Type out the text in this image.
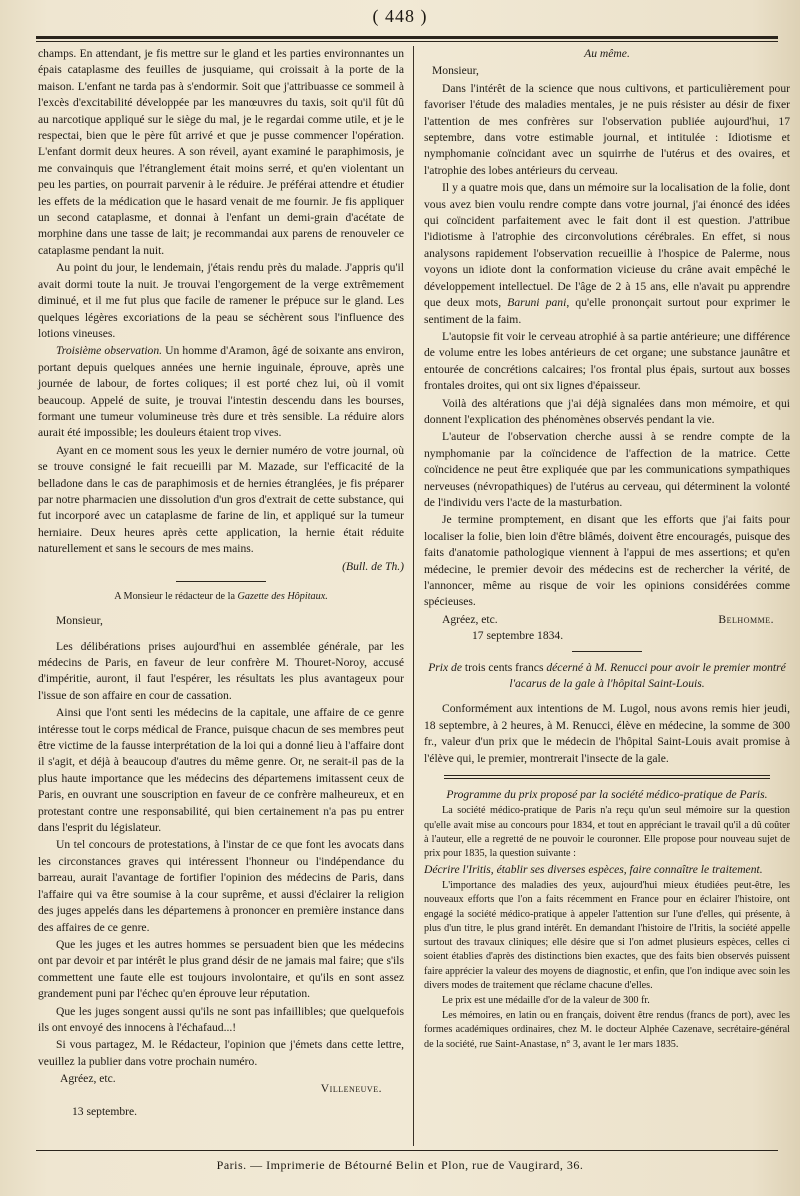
( 448 )

champs. En attendant, je fis mettre sur le gland et les parties environnantes un épais cataplasme des feuilles de jusquiame, qui croissait à la porte de la maison. L'enfant ne tarda pas à s'endormir. Soit que j'attribuasse ce sommeil à l'excès d'excitabilité développée par les manœuvres du taxis, soit qu'il fût dû au narcotique appliqué sur le siège du mal, je le regardai comme utile, et je le respectai, bien que le père fût arrivé et que je pusse commencer l'opération. L'enfant dormit deux heures. A son réveil, ayant examiné le paraphimosis, je me convainquis que l'étranglement était moins serré, et qu'en violentant un peu les parties, on pourrait parvenir à le réduire. Je préférai attendre et étudier les effets de la médication que le hasard venait de me fournir. Je fis appliquer un second cataplasme, et donnai à l'enfant un demi-grain d'acétate de morphine dans une tasse de lait; je recommandai aux parens de renouveler ce cataplasme pendant la nuit.

Au point du jour, le lendemain, j'étais rendu près du malade. J'appris qu'il avait dormi toute la nuit. Je trouvai l'engorgement de la verge extrêmement diminué, et il me fut plus que facile de ramener le prépuce sur le gland. Les quelques légères excoriations de la peau se séchèrent sous l'influence des lotions vineuses.

Troisième observation. Un homme d'Aramon, âgé de soixante ans environ, portant depuis quelques années une hernie inguinale, éprouve, après une journée de labour, de fortes coliques; il est porté chez lui, où il vomit beaucoup. Appelé de suite, je trouvai l'intestin descendu dans les bourses, formant une tumeur volumineuse très dure et très sensible. La réduire alors aurait été impossible; les douleurs étaient trop vives.

Ayant en ce moment sous les yeux le dernier numéro de votre journal, où se trouve consigné le fait recueilli par M. Mazade, sur l'efficacité de la belladone dans le cas de paraphimosis et de hernies étranglées, je fis préparer par notre pharmacien une dissolution d'un gros d'extrait de cette substance, qui fut incorporé avec un cataplasme de farine de lin, et appliqué sur la tumeur herniaire. Deux heures après cette application, la hernie était réduite naturellement et sans le secours de mes mains.

(Bull. de Th.)

A Monsieur le rédacteur de la Gazette des Hôpitaux.

Monsieur,

Les délibérations prises aujourd'hui en assemblée générale, par les médecins de Paris, en faveur de leur confrère M. Thouret-Noroy, accusé d'impéritie, auront, il faut l'espérer, les résultats les plus avantageux pour l'issue de son affaire en cour de cassation.

Ainsi que l'ont senti les médecins de la capitale, une affaire de ce genre intéresse tout le corps médical de France, puisque chacun de ses membres peut être victime de la fausse interprétation de la loi qui a donné lieu à l'affaire dont il s'agit, et déjà à beaucoup d'autres du même genre. Or, ne serait-il pas de la plus haute importance que les médecins des départemens imitassent ceux de Paris, en ouvrant une souscription en faveur de ce confrère malheureux, et en protestant contre une responsabilité, qui bien certainement n'a pas pu entrer dans l'esprit du législateur.

Un tel concours de protestations, à l'instar de ce que font les avocats dans les circonstances graves qui intéressent l'honneur ou l'indépendance du barreau, aurait l'avantage de fortifier l'opinion des médecins de Paris, dans l'affaire qui va être soumise à la cour suprême, et aussi d'éclairer la religion des juges appelés dans les départemens à prononcer en première instance dans des affaires de ce genre.

Que les juges et les autres hommes se persuadent bien que les médecins ont par devoir et par intérêt le plus grand désir de ne jamais mal faire; que s'ils commettent une faute elle est toujours involontaire, et qu'ils en sont assez grandement puni par l'échec qu'en éprouve leur réputation.

Que les juges songent aussi qu'ils ne sont pas infaillibles; que quelquefois ils ont envoyé des innocens à l'échafaud...!

Si vous partagez, M. le Rédacteur, l'opinion que j'émets dans cette lettre, veuillez la publier dans votre prochain numéro.

Agréez, etc.
Villeneuve.

13 septembre.

Au même.

Monsieur,

Dans l'intérêt de la science que nous cultivons, et particulièrement pour favoriser l'étude des maladies mentales, je ne puis résister au désir de fixer l'attention de mes confrères sur l'observation publiée aujourd'hui, 17 septembre, dans votre estimable journal, et intitulée : Idiotisme et nymphomanie coïncidant avec un squirrhe de l'utérus et des ovaires, et l'atrophie des lobes antérieurs du cerveau.

Il y a quatre mois que, dans un mémoire sur la localisation de la folie, dont vous avez bien voulu rendre compte dans votre journal, j'ai énoncé des idées qui coïncident parfaitement avec le fait dont il est question. J'attribue l'idiotisme à l'atrophie des circonvolutions cérébrales. En effet, si nous analysons rapidement l'observation recueillie à l'hospice de Palerme, nous voyons un idiote dont la conformation vicieuse du crâne avait empêché le développement intellectuel. De l'âge de 2 à 15 ans, elle n'avait pu apprendre que deux mots, Baruni pani, qu'elle prononçait surtout pour exprimer le sentiment de la faim.

L'autopsie fit voir le cerveau atrophié à sa partie antérieure; une différence de volume entre les lobes antérieurs de cet organe; une substance jaunâtre et entourée de concrétions calcaires; l'os frontal plus épais, surtout aux bosses frontales droites, qui ont six lignes d'épaisseur.

Voilà des altérations que j'ai déjà signalées dans mon mémoire, et qui donnent l'explication des phénomènes observés pendant la vie.

L'auteur de l'observation cherche aussi à se rendre compte de la nymphomanie par la coïncidence de l'affection de la matrice. Cette coïncidence ne peut être expliquée que par les communications sympathiques nerveuses (névropathiques) de l'utérus au cerveau, qui déterminent la volonté de l'individu vers l'acte de la masturbation.

Je termine promptement, en disant que les efforts que j'ai faits pour localiser la folie, bien loin d'être blâmés, doivent être encouragés, puisque des faits d'anatomie pathologique viennent à l'appui de mes assertions; et qu'en médecine, le premier devoir des médecins est de rechercher la vérité, de l'annoncer, même au risque de voir les opinions considérées comme spécieuses.

Agréez, etc.	Belhomme.

17 septembre 1834.

Prix de trois cents francs décerné à M. Renucci pour avoir le premier montré l'acarus de la gale à l'hôpital Saint-Louis.

Conformément aux intentions de M. Lugol, nous avons remis hier jeudi, 18 septembre, à 2 heures, à M. Renucci, élève en médecine, la somme de 300 fr., valeur d'un prix que le médecin de l'hôpital Saint-Louis avait promise à l'élève qui, le premier, montrerait l'insecte de la gale.

Programme du prix proposé par la société médico-pratique de Paris.

La société médico-pratique de Paris n'a reçu qu'un seul mémoire sur la question qu'elle avait mise au concours pour 1834, et tout en appréciant le travail qu'il a dû coûter à l'auteur, elle a regretté de ne pouvoir le couronner. Elle propose pour nouveau sujet de prix pour 1835, la question suivante :

Décrire l'Iritis, établir ses diverses espèces, faire connaître le traitement.

L'importance des maladies des yeux, aujourd'hui mieux étudiées peut-être, les nouveaux efforts que l'on a faits récemment en France pour en éclairer l'histoire, ont engagé la société médico-pratique à appeler l'attention sur l'une d'elles, qui présente, à plus d'un titre, le plus grand intérêt. En demandant l'histoire de l'Iritis, la société appelle surtout des travaux cliniques; elle désire que si l'on admet plusieurs espèces, celles ci soient établies d'après des distinctions bien exactes, que des faits bien observés puissent faire apprécier la valeur des moyens de diagnostic, et enfin, que l'on indique avec soin les divers modes de traitement que réclame chacune d'elles.

Le prix est une médaille d'or de la valeur de 300 fr.

Les mémoires, en latin ou en français, doivent être rendus (francs de port), avec les formes académiques ordinaires, chez M. le docteur Alphée Cazenave, secrétaire-général de la société, rue Saint-Anastase, n° 3, avant le 1er mars 1835.

Paris. — Imprimerie de Bétourné Belin et Plon, rue de Vaugirard, 36.
